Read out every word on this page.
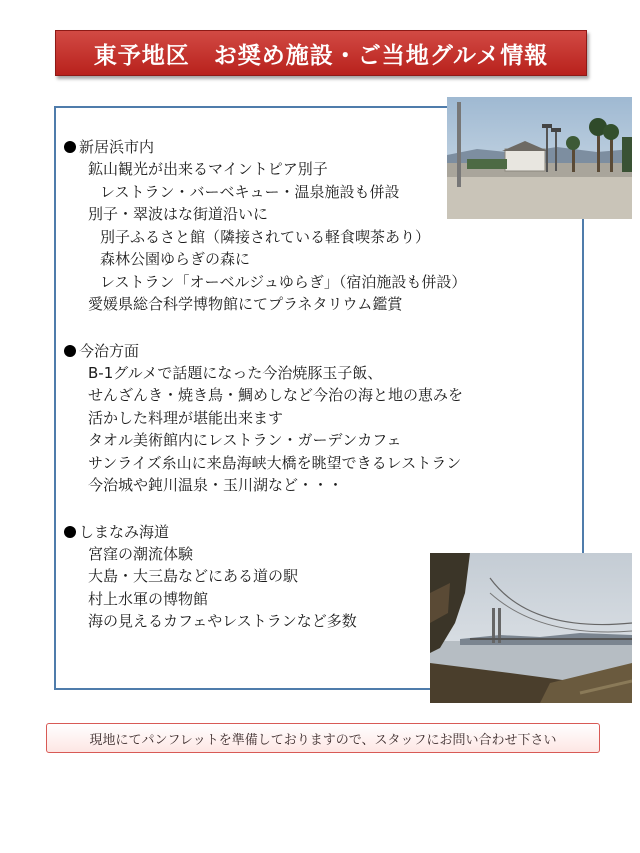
東予地区　お奨め施設・ご当地グルメ情報
新居浜市内
鉱山観光が出来るマイントピア別子
レストラン・バーベキュー・温泉施設も併設
別子・翠波はな街道沿いに
別子ふるさと館（隣接されている軽食喫茶あり）
森林公園ゆらぎの森に
レストラン「オーベルジュゆらぎ」（宿泊施設も併設）
愛媛県総合科学博物館にてプラネタリウム鑑賞
今治方面
B-1グルメで話題になった今治焼豚玉子飯、
せんざんき・焼き鳥・鯛めしなど今治の海と地の恵みを
活かした料理が堪能出来ます
タオル美術館内にレストラン・ガーデンカフェ
サンライズ糸山に来島海峡大橋を眺望できるレストラン
今治城や鈍川温泉・玉川湖など・・・
しまなみ海道
宮窪の潮流体験
大島・大三島などにある道の駅
村上水軍の博物館
海の見えるカフェやレストランなど多数
現地にてパンフレットを準備しておりますので、スタッフにお問い合わせ下さい
